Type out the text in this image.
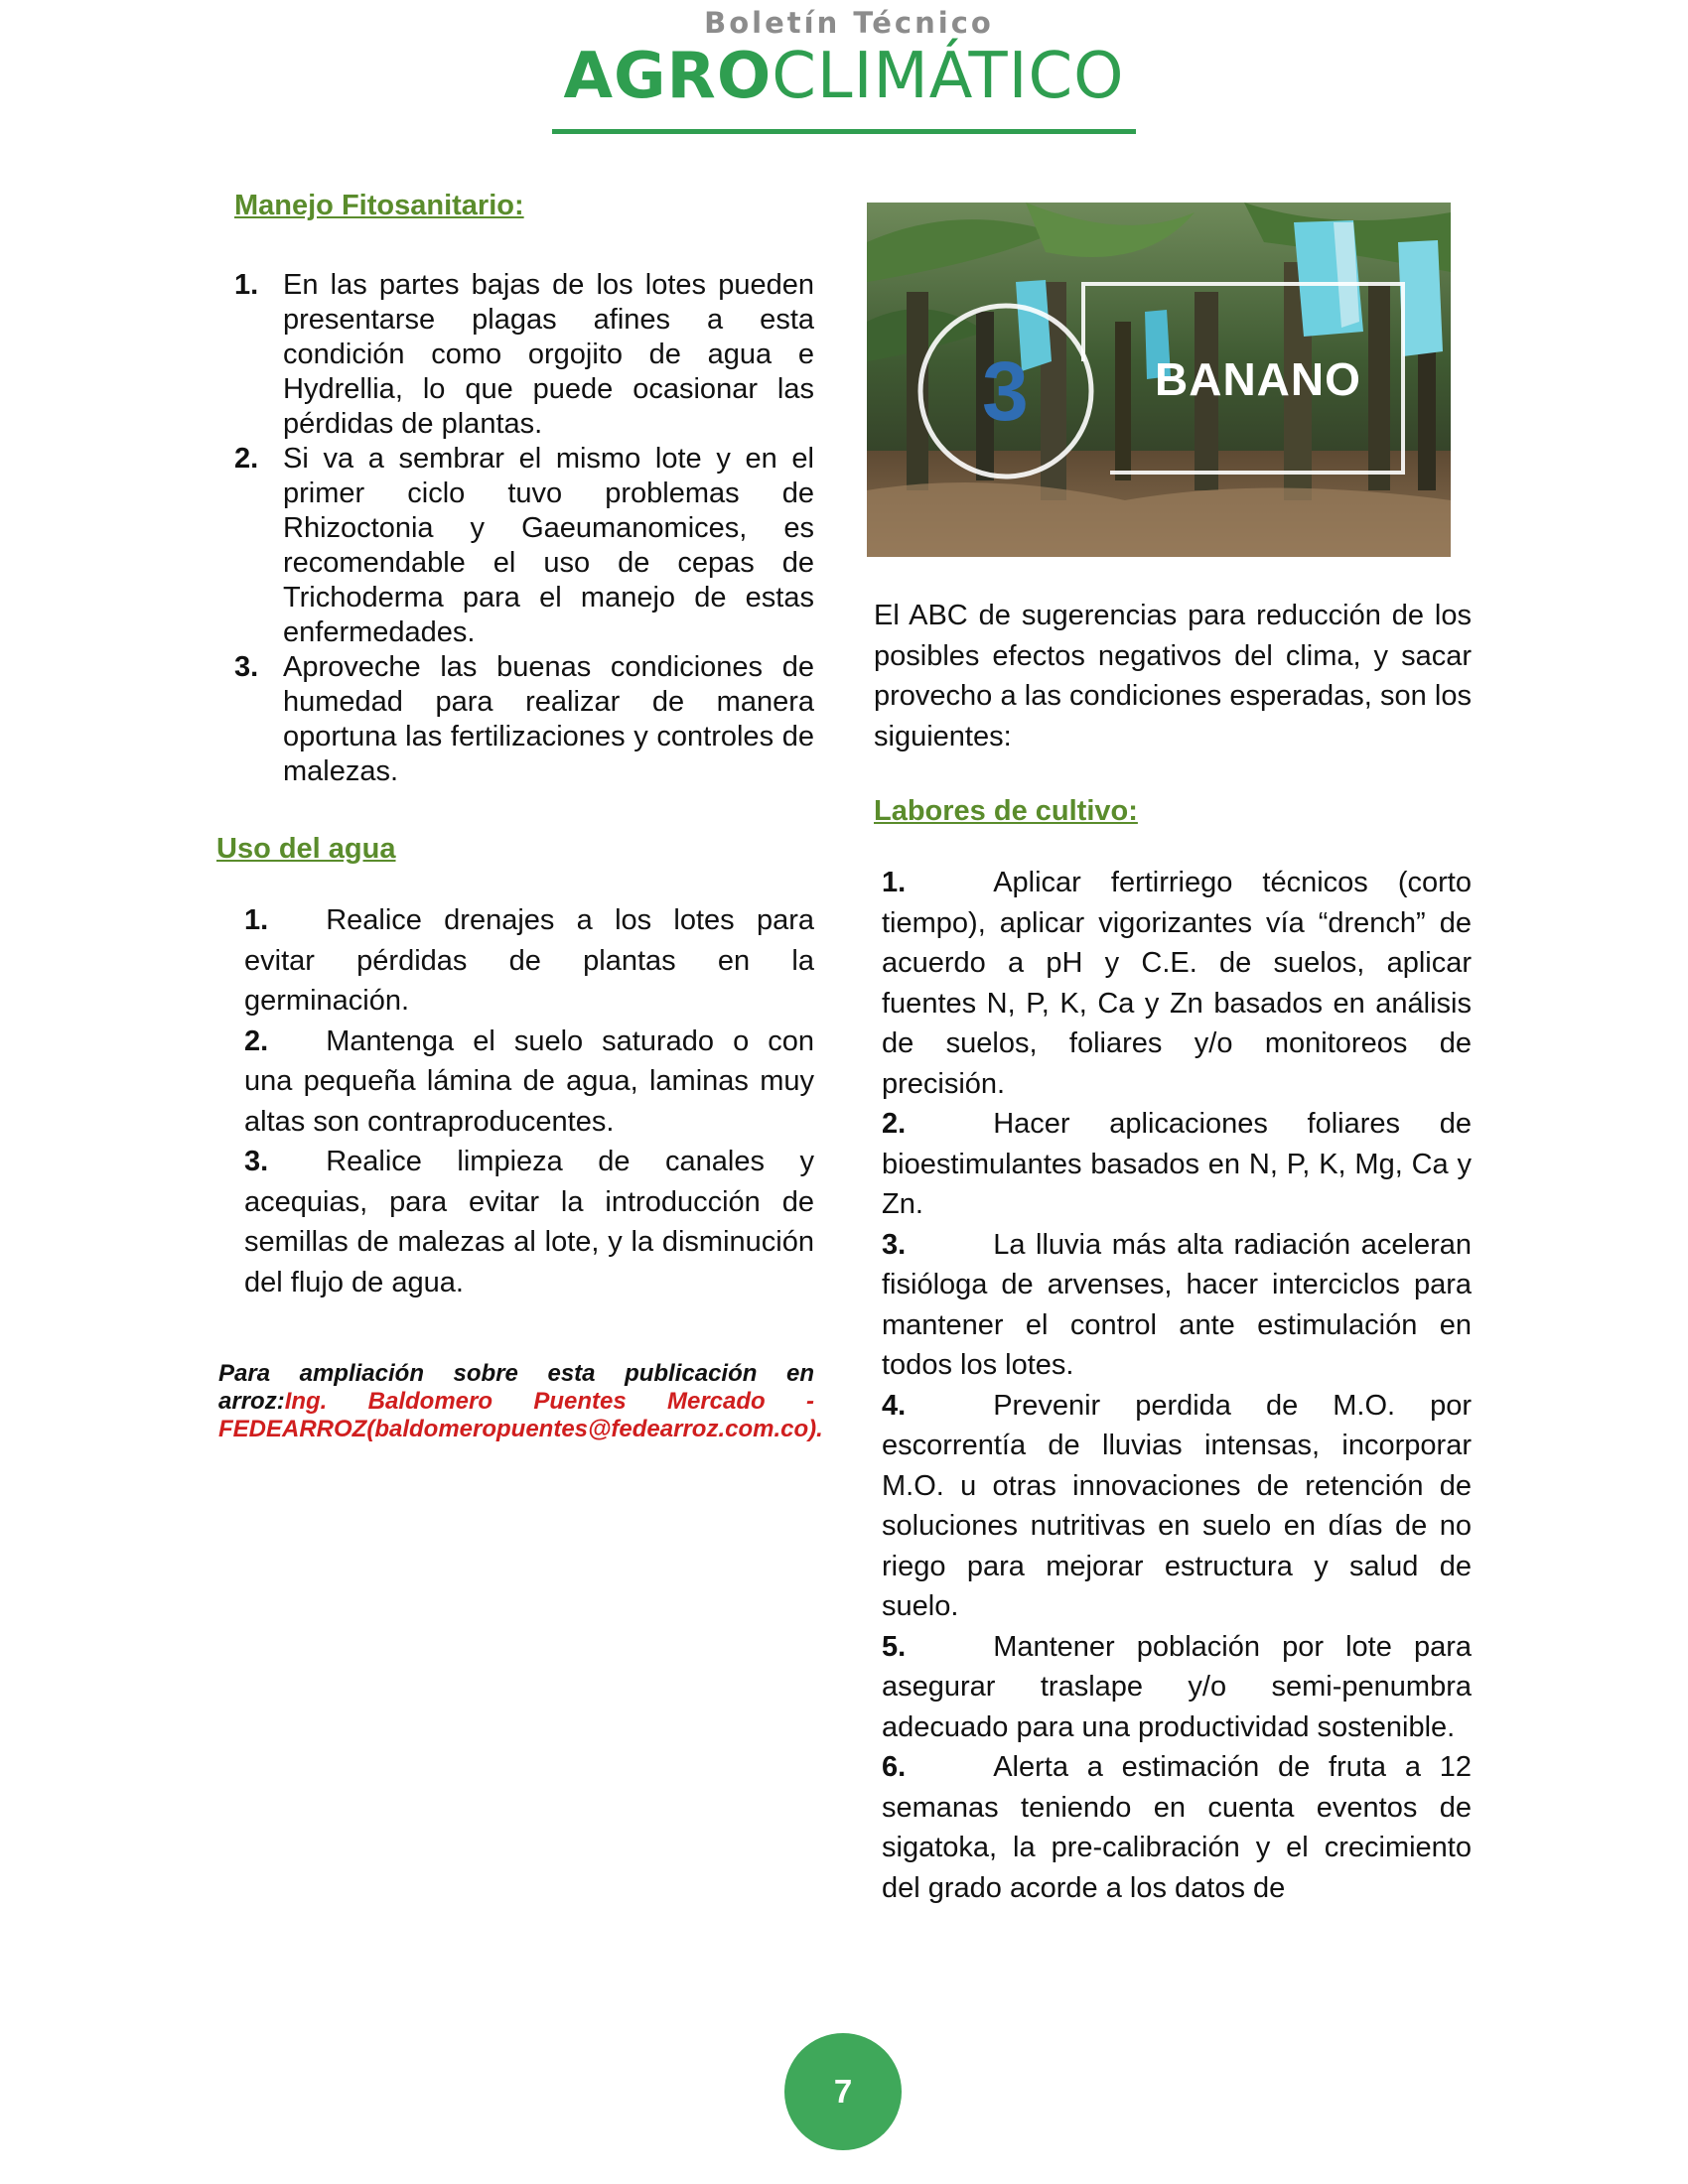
Boletín Técnico
AGROCLIMÁTICO

Manejo Fitosanitario:

1. En las partes bajas de los lotes pueden presentarse plagas afines a esta condición como orgojito de agua e Hydrellia, lo que puede ocasionar las pérdidas de plantas.
2. Si va a sembrar el mismo lote y en el primer ciclo tuvo problemas de Rhizoctonia y Gaeumanomices, es recomendable el uso de cepas de Trichoderma para el manejo de estas enfermedades.
3. Aproveche las buenas condiciones de humedad para realizar de manera oportuna las fertilizaciones y controles de malezas.

Uso del agua

1. Realice drenajes a los lotes para evitar pérdidas de plantas en la germinación.
2. Mantenga el suelo saturado o con una pequeña lámina de agua, laminas muy altas son contraproducentes.
3. Realice limpieza de canales y acequias, para evitar la introducción de semillas de malezas al lote, y la disminución del flujo de agua.
Para ampliación sobre esta publicación en arroz:Ing. Baldomero Puentes Mercado - FEDEARROZ(baldomeropuentes@fedearroz.com.co).
3	BANANO
El ABC de sugerencias para reducción de los posibles efectos negativos del clima, y sacar provecho a las condiciones esperadas, son los siguientes:

Labores de cultivo:

1.	Aplicar fertirriego técnicos (corto tiempo), aplicar vigorizantes vía “drench” de acuerdo a pH y C.E. de suelos, aplicar fuentes N, P, K, Ca y Zn basados en análisis de suelos, foliares y/o monitoreos de precisión.
2.	Hacer aplicaciones foliares de bioestimulantes basados en N, P, K, Mg, Ca y Zn.
3.	La lluvia más alta radiación aceleran fisióloga de arvenses, hacer interciclos para mantener el control ante estimulación en todos los lotes.
4.	Prevenir perdida de M.O. por escorrentía de lluvias intensas, incorporar M.O. u otras innovaciones de retención de soluciones nutritivas en suelo en días de no riego para mejorar estructura y salud de suelo.
5.	Mantener población por lote para asegurar traslape y/o semi-penumbra adecuado para una productividad sostenible.
6.	Alerta a estimación de fruta a 12 semanas teniendo en cuenta eventos de sigatoka, la pre-calibración y el crecimiento del grado acorde a los datos de
7
